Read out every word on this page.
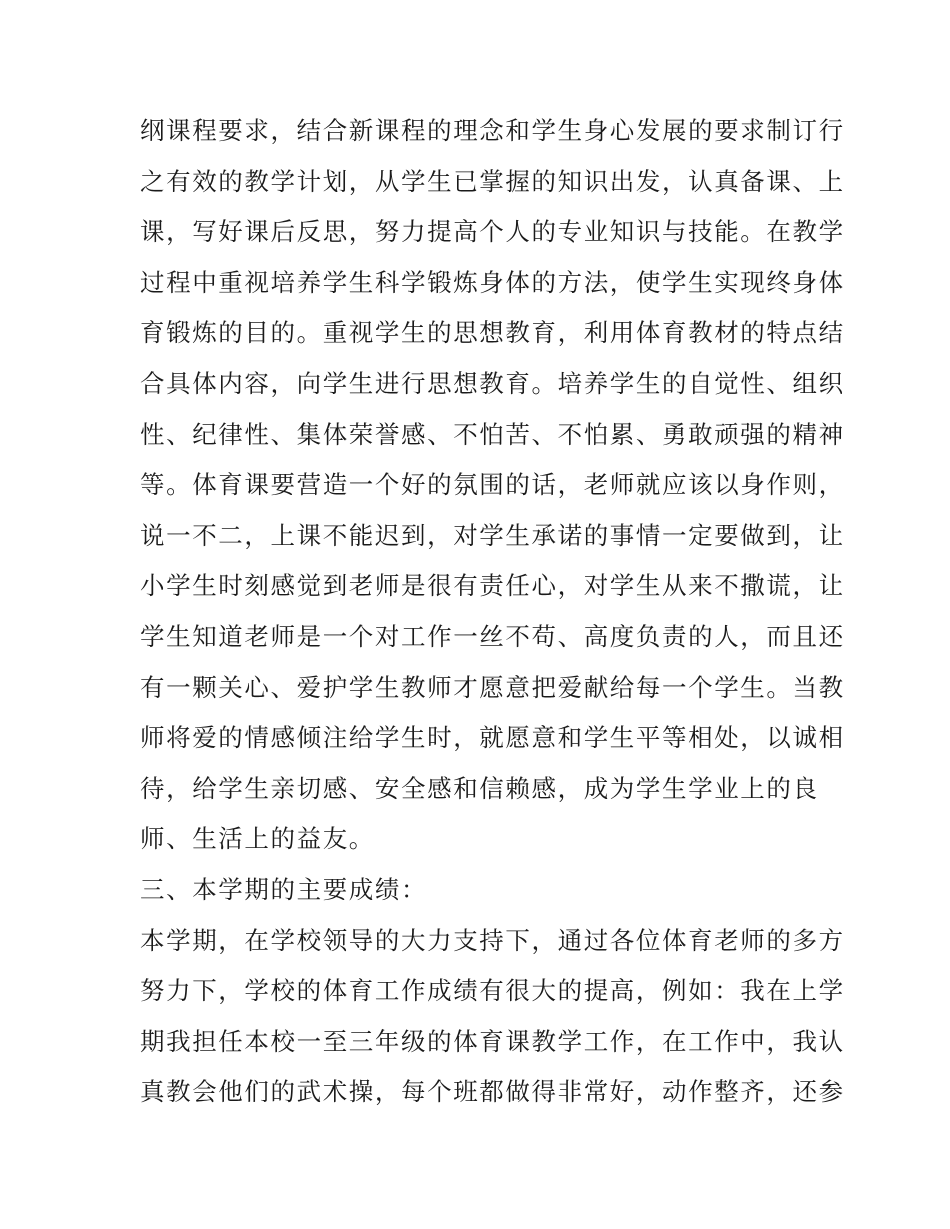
纲课程要求，结合新课程的理念和学生身心发展的要求制订行
之有效的教学计划，从学生已掌握的知识出发，认真备课、上
课，写好课后反思，努力提高个人的专业知识与技能。在教学
过程中重视培养学生科学锻炼身体的方法，使学生实现终身体
育锻炼的目的。重视学生的思想教育，利用体育教材的特点结
合具体内容，向学生进行思想教育。培养学生的自觉性、组织
性、纪律性、集体荣誉感、不怕苦、不怕累、勇敢顽强的精神
等。体育课要营造一个好的氛围的话，老师就应该以身作则，
说一不二，上课不能迟到，对学生承诺的事情一定要做到，让
小学生时刻感觉到老师是很有责任心，对学生从来不撒谎，让
学生知道老师是一个对工作一丝不苟、高度负责的人，而且还
有一颗关心、爱护学生教师才愿意把爱献给每一个学生。当教
师将爱的情感倾注给学生时，就愿意和学生平等相处，以诚相
待，给学生亲切感、安全感和信赖感，成为学生学业上的良
师、生活上的益友。
三、本学期的主要成绩：
本学期，在学校领导的大力支持下，通过各位体育老师的多方
努力下，学校的体育工作成绩有很大的提高，例如：我在上学
期我担任本校一至三年级的体育课教学工作，在工作中，我认
真教会他们的武术操，每个班都做得非常好，动作整齐，还参
